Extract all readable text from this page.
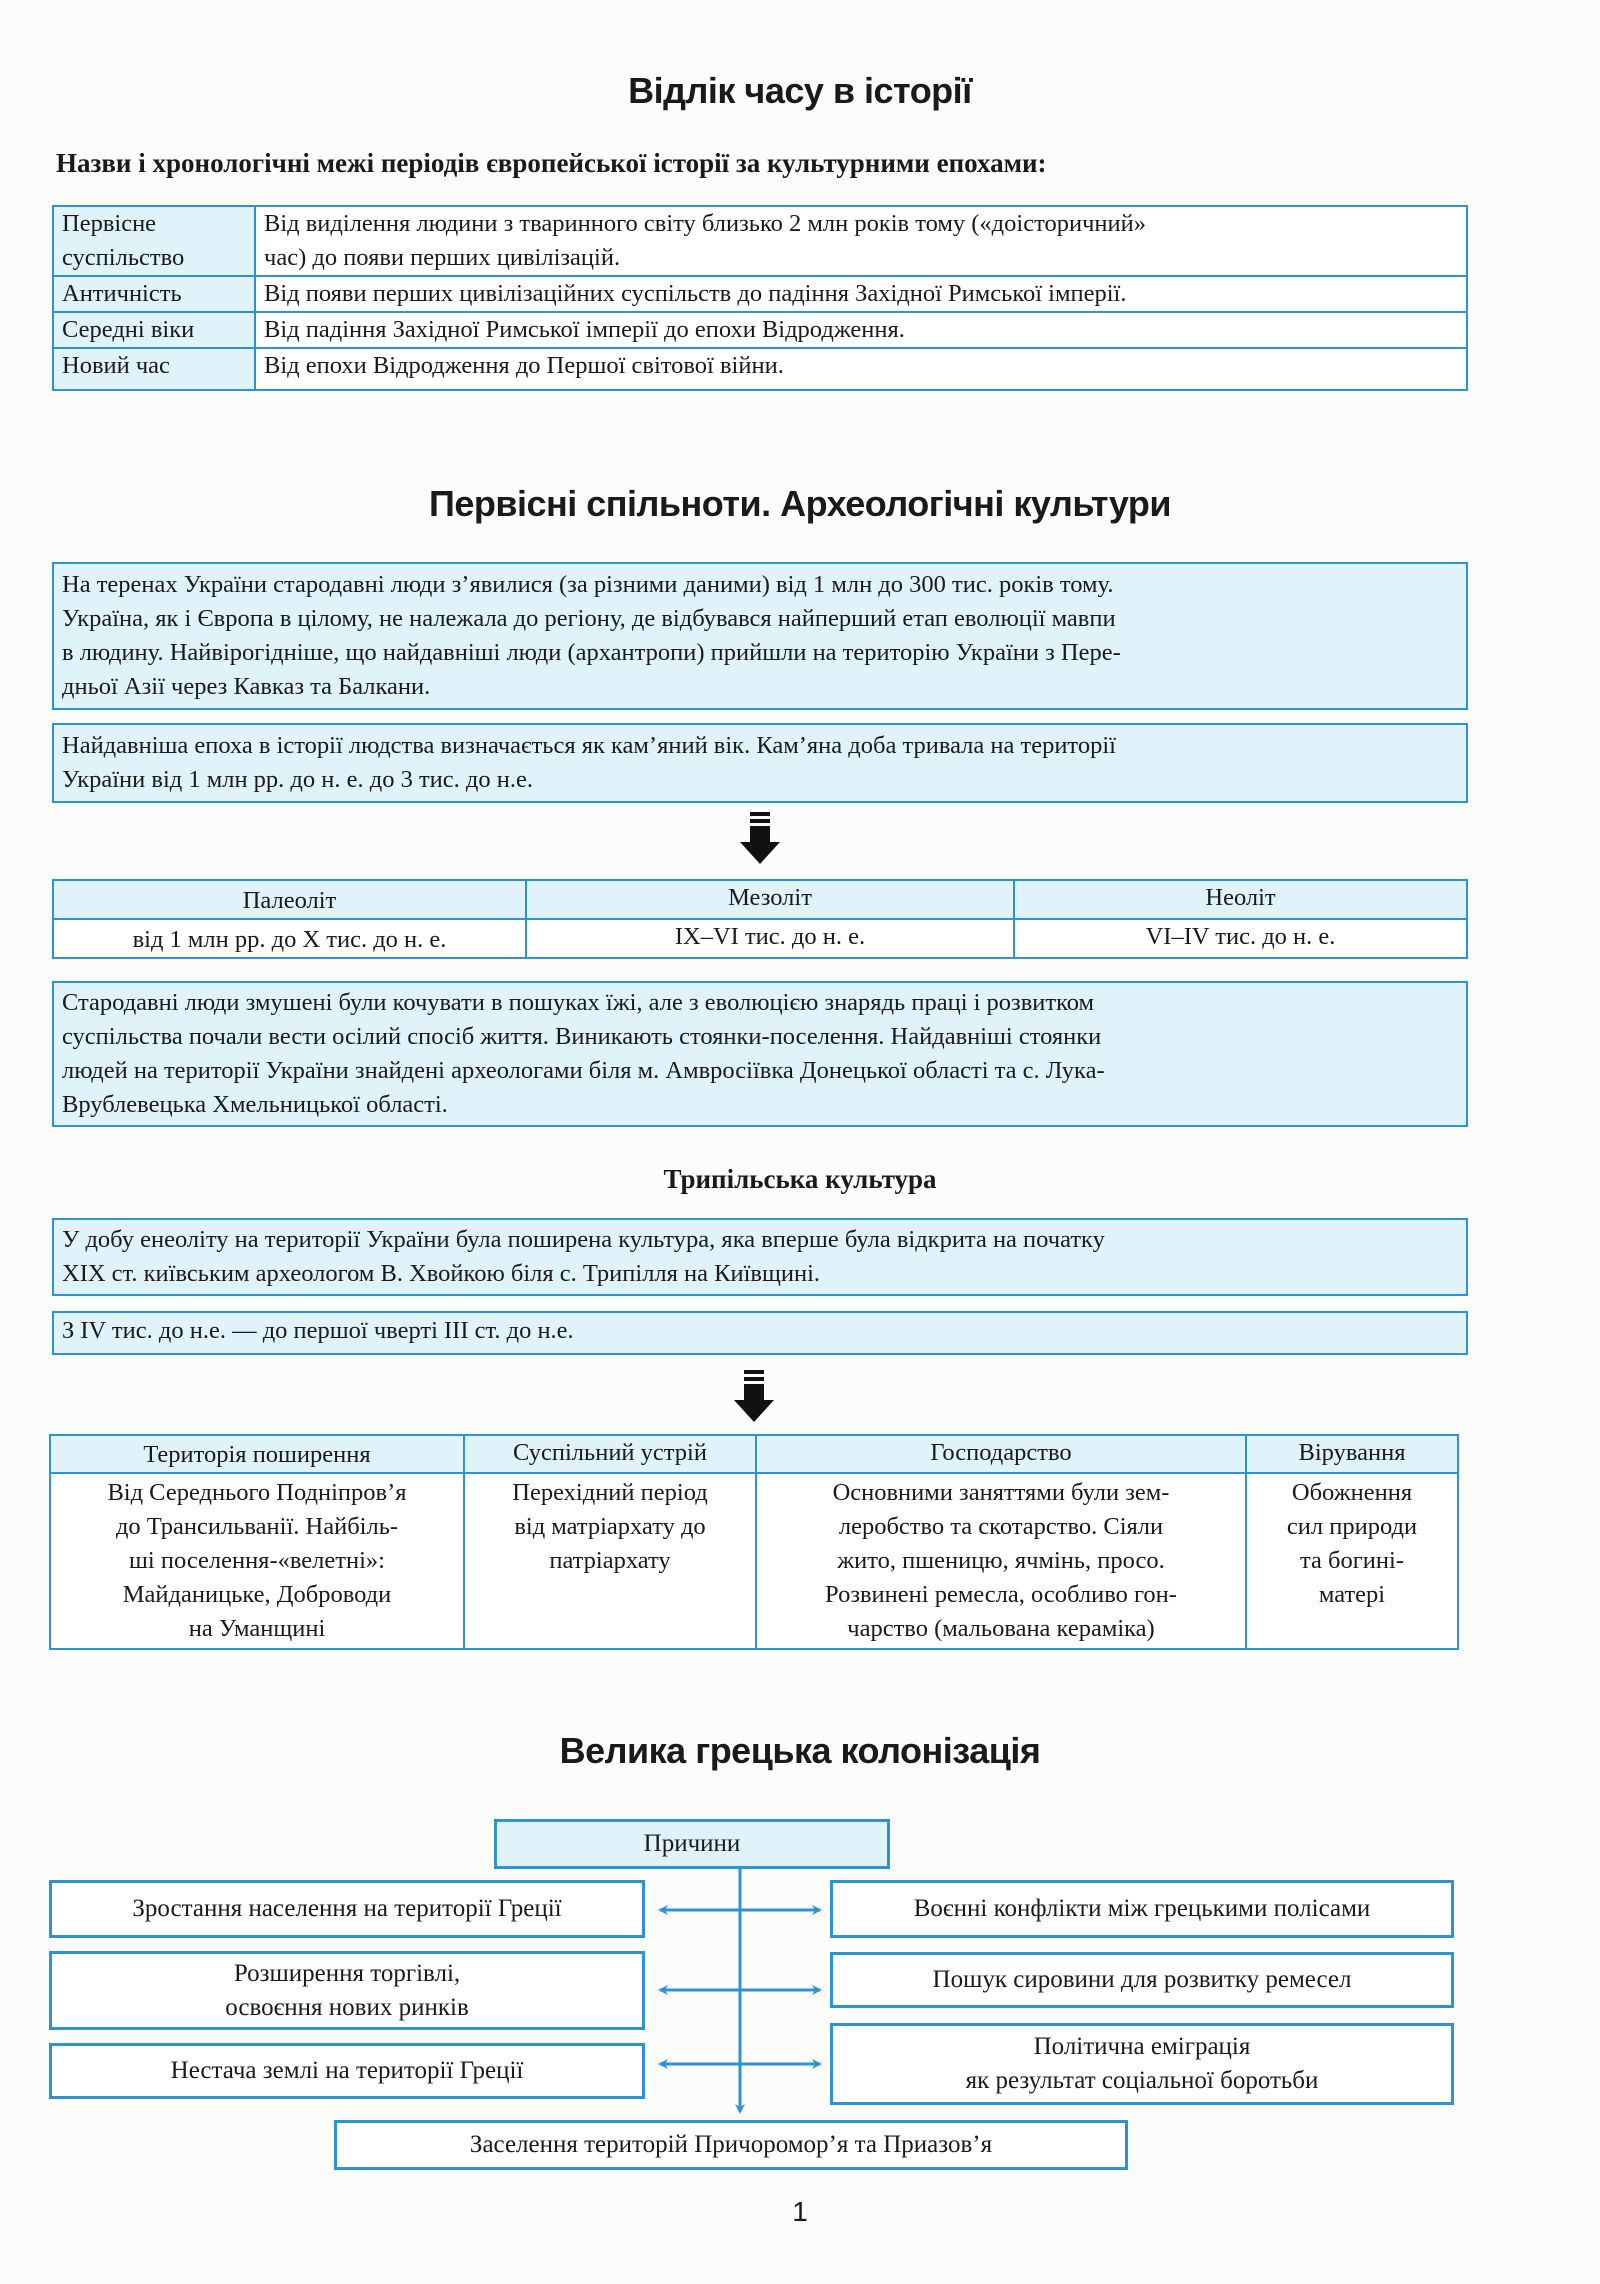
Відлік часу в історії
Назви і хронологічні межі періодів європейської історії за культурними епохами:
Первісне
суспільство

Від виділення людини з тваринного світу близько 2 млн років тому («доісторичний»
час) до появи перших цивілізацій.

Античність	Від появи перших цивілізаційних суспільств до падіння Західної Римської імперії.
Середні віки	Від падіння Західної Римської імперії до епохи Відродження.
Новий час	Від епохи Відродження до Першої світової війни.
Первісні спільноти. Археологічні культури
На теренах України стародавні люди з’явилися (за різними даними) від 1 млн до 300 тис. років тому.
Україна, як і Європа в цілому, не належала до регіону, де відбувався найперший етап еволюції мавпи
в людину. Найвірогідніше, що найдавніші люди (архантропи) прийшли на територію України з Пере-
дньої Азії через Кавказ та Балкани.
Найдавніша епоха в історії людства визначається як кам’яний вік. Кам’яна доба тривала на території
України від 1 млн рр. до н. е. до 3 тис. до н.е.
Палеоліт	Мезоліт	Неоліт
від 1 млн рр. до Х тис. до н. е.	ІХ–VI тис. до н. е.	VI–IV тис. до н. е.
Стародавні люди змушені були кочувати в пошуках їжі, але з еволюцією знарядь праці і розвитком
суспільства почали вести осілий спосіб життя. Виникають стоянки-поселення. Найдавніші стоянки
людей на території України знайдені археологами біля м. Амвросіївка Донецької області та с. Лука-
Врублевецька Хмельницької області.
Трипільська культура
У добу енеоліту на території України була поширена культура, яка вперше була відкрита на початку
XIX ст. київським археологом В. Хвойкою біля с. Трипілля на Київщині.
З IV тис. до н.е. — до першої чверті ІІІ ст. до н.е.
Територія поширення	Суспільний устрій	Господарство	Вірування

Від Середнього Подніпров’я
до Трансильванії. Найбіль-
ші поселення-«велетні»:
Майданицьке, Доброводи
на Уманщині

Перехідний період
від матріархату до
патріархату

Основними заняттями були зем-
леробство та скотарство. Сіяли
жито, пшеницю, ячмінь, просо.
Розвинені ремесла, особливо гон-
чарство (мальована кераміка)

Обожнення
сил природи
та богині-
матері
Велика грецька колонізація
Причини
Зростання населення на території Греції
Розширення торгівлі,
освоєння нових ринків
Нестача землі на території Греції
Воєнні конфлікти між грецькими полісами
Пошук сировини для розвитку ремесел
Політична еміграція
як результат соціальної боротьби
Заселення територій Причоромор’я та Приазов’я
1
